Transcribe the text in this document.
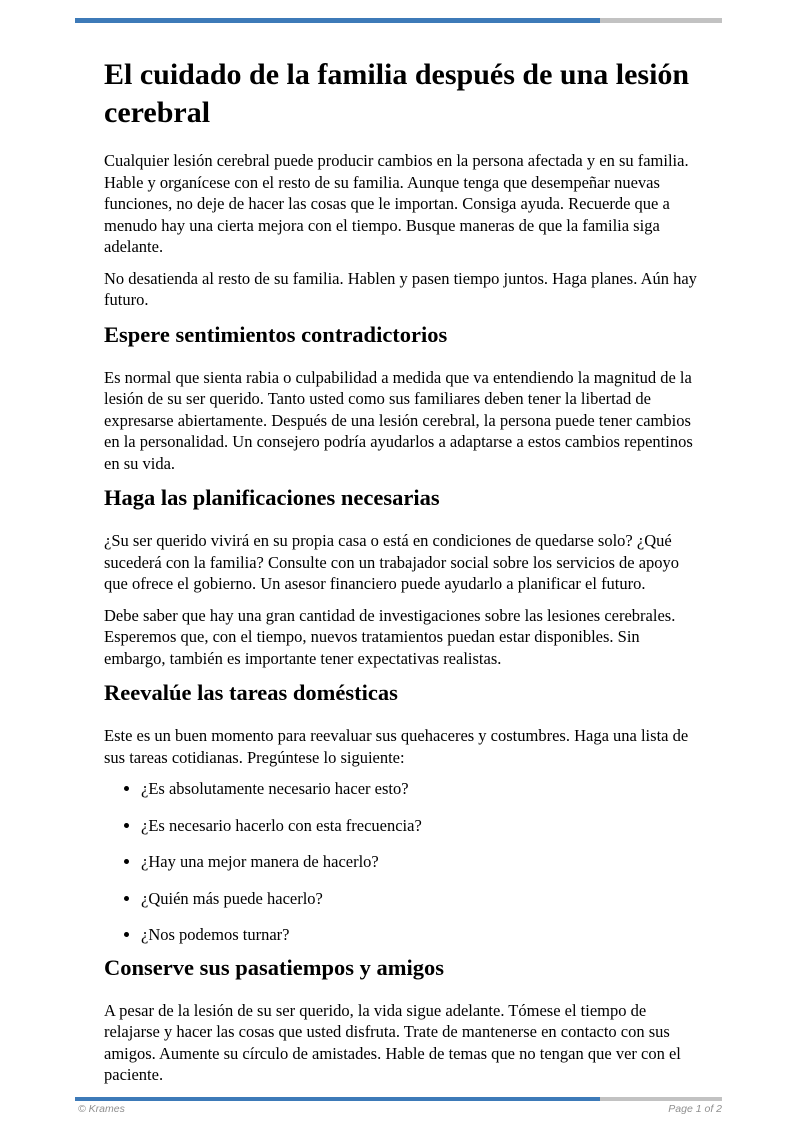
El cuidado de la familia después de una lesión cerebral

Cualquier lesión cerebral puede producir cambios en la persona afectada y en su familia. Hable y organícese con el resto de su familia. Aunque tenga que desempeñar nuevas funciones, no deje de hacer las cosas que le importan. Consiga ayuda. Recuerde que a menudo hay una cierta mejora con el tiempo. Busque maneras de que la familia siga adelante.

No desatienda al resto de su familia. Hablen y pasen tiempo juntos. Haga planes. Aún hay futuro.

Espere sentimientos contradictorios

Es normal que sienta rabia o culpabilidad a medida que va entendiendo la magnitud de la lesión de su ser querido. Tanto usted como sus familiares deben tener la libertad de expresarse abiertamente. Después de una lesión cerebral, la persona puede tener cambios en la personalidad. Un consejero podría ayudarlos a adaptarse a estos cambios repentinos en su vida.

Haga las planificaciones necesarias

¿Su ser querido vivirá en su propia casa o está en condiciones de quedarse solo? ¿Qué sucederá con la familia? Consulte con un trabajador social sobre los servicios de apoyo que ofrece el gobierno. Un asesor financiero puede ayudarlo a planificar el futuro.

Debe saber que hay una gran cantidad de investigaciones sobre las lesiones cerebrales. Esperemos que, con el tiempo, nuevos tratamientos puedan estar disponibles. Sin embargo, también es importante tener expectativas realistas.

Reevalúe las tareas domésticas

Este es un buen momento para reevaluar sus quehaceres y costumbres. Haga una lista de sus tareas cotidianas. Pregúntese lo siguiente:

• ¿Es absolutamente necesario hacer esto?
• ¿Es necesario hacerlo con esta frecuencia?
• ¿Hay una mejor manera de hacerlo?
• ¿Quién más puede hacerlo?
• ¿Nos podemos turnar?
Conserve sus pasatiempos y amigos

A pesar de la lesión de su ser querido, la vida sigue adelante. Tómese el tiempo de relajarse y hacer las cosas que usted disfruta. Trate de mantenerse en contacto con sus amigos. Aumente su círculo de amistades. Hable de temas que no tengan que ver con el paciente.

© Krames	Page 1 of 2
